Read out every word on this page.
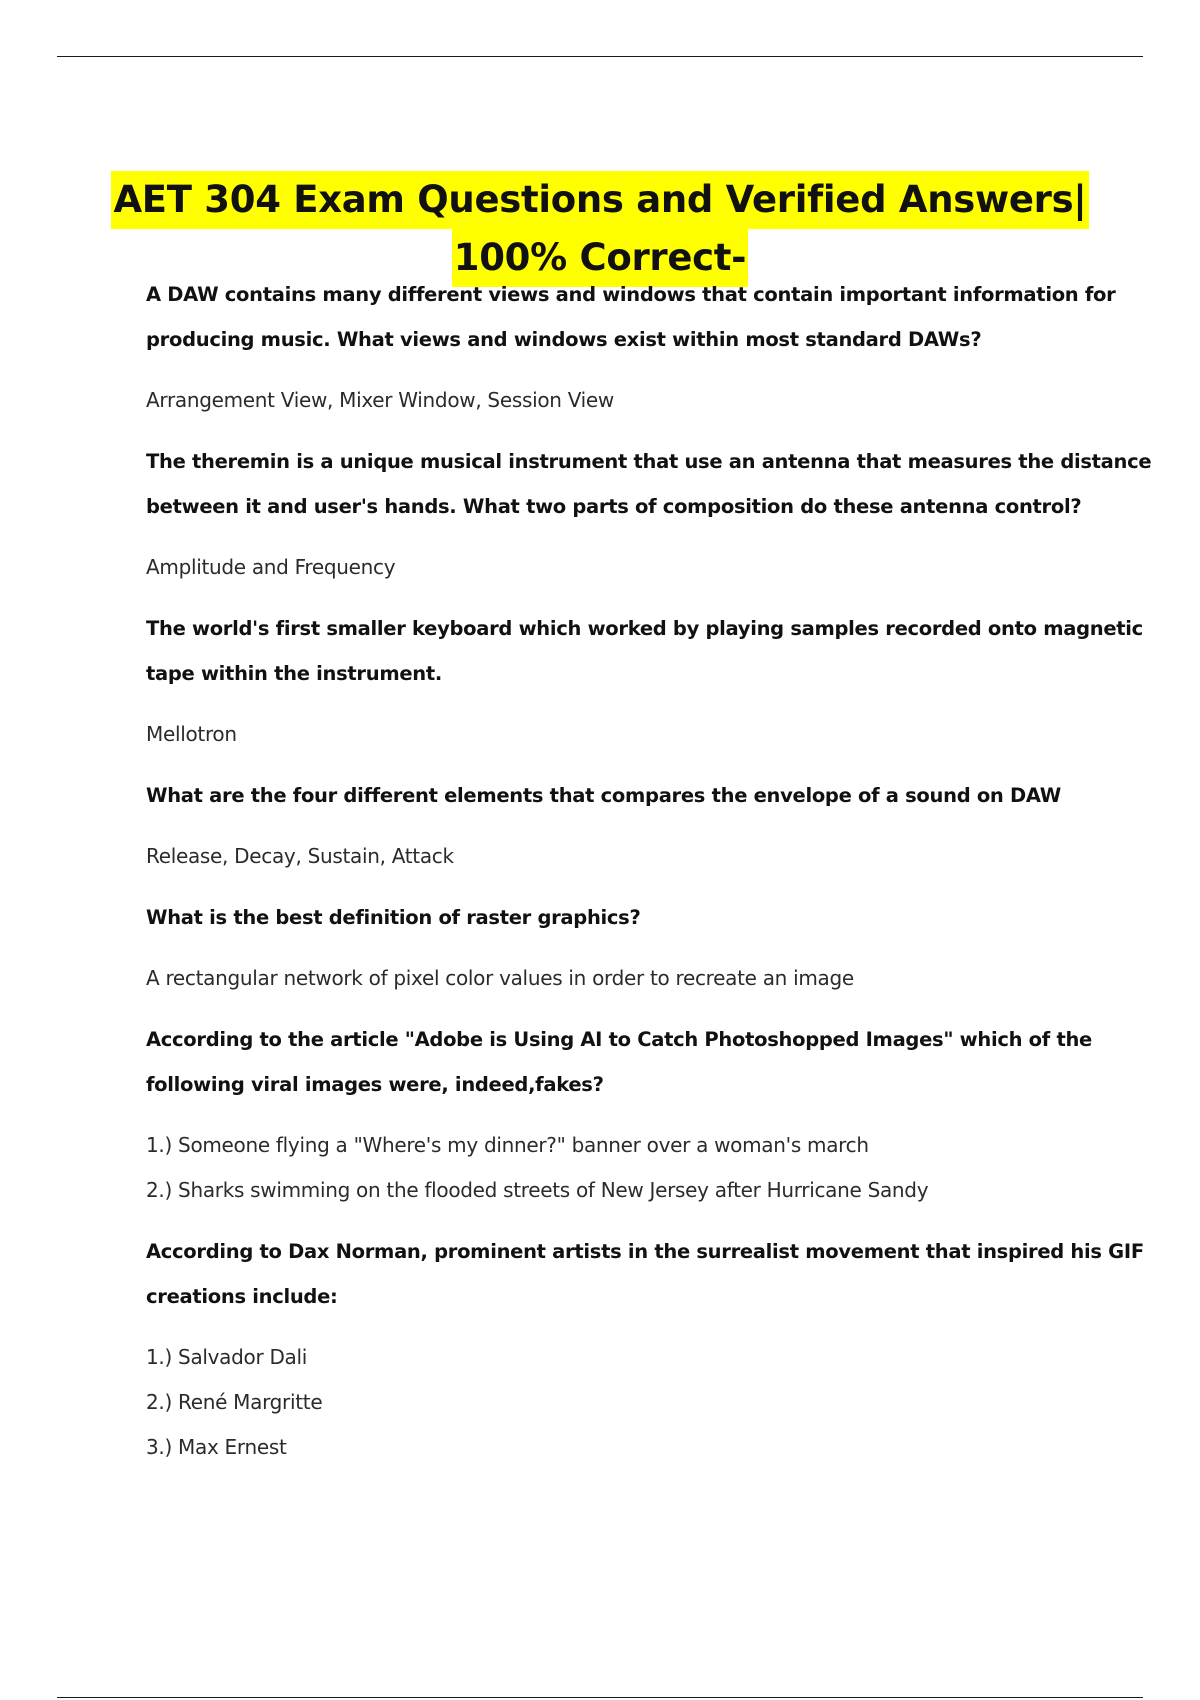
AET 304 Exam Questions and Verified Answers|
100% Correct-

A DAW contains many different views and windows that contain important information for
producing music. What views and windows exist within most standard DAWs?

Arrangement View, Mixer Window, Session View

The theremin is a unique musical instrument that use an antenna that measures the distance
between it and user's hands. What two parts of composition do these antenna control?

Amplitude and Frequency

The world's first smaller keyboard which worked by playing samples recorded onto magnetic
tape within the instrument.

Mellotron

What are the four different elements that compares the envelope of a sound on DAW

Release, Decay, Sustain, Attack

What is the best definition of raster graphics?

A rectangular network of pixel color values in order to recreate an image

According to the article "Adobe is Using AI to Catch Photoshopped Images" which of the
following viral images were, indeed,fakes?

1.) Someone flying a "Where's my dinner?" banner over a woman's march
2.) Sharks swimming on the flooded streets of New Jersey after Hurricane Sandy

According to Dax Norman, prominent artists in the surrealist movement that inspired his GIF
creations include:

1.) Salvador Dali
2.) René Margritte
3.) Max Ernest
